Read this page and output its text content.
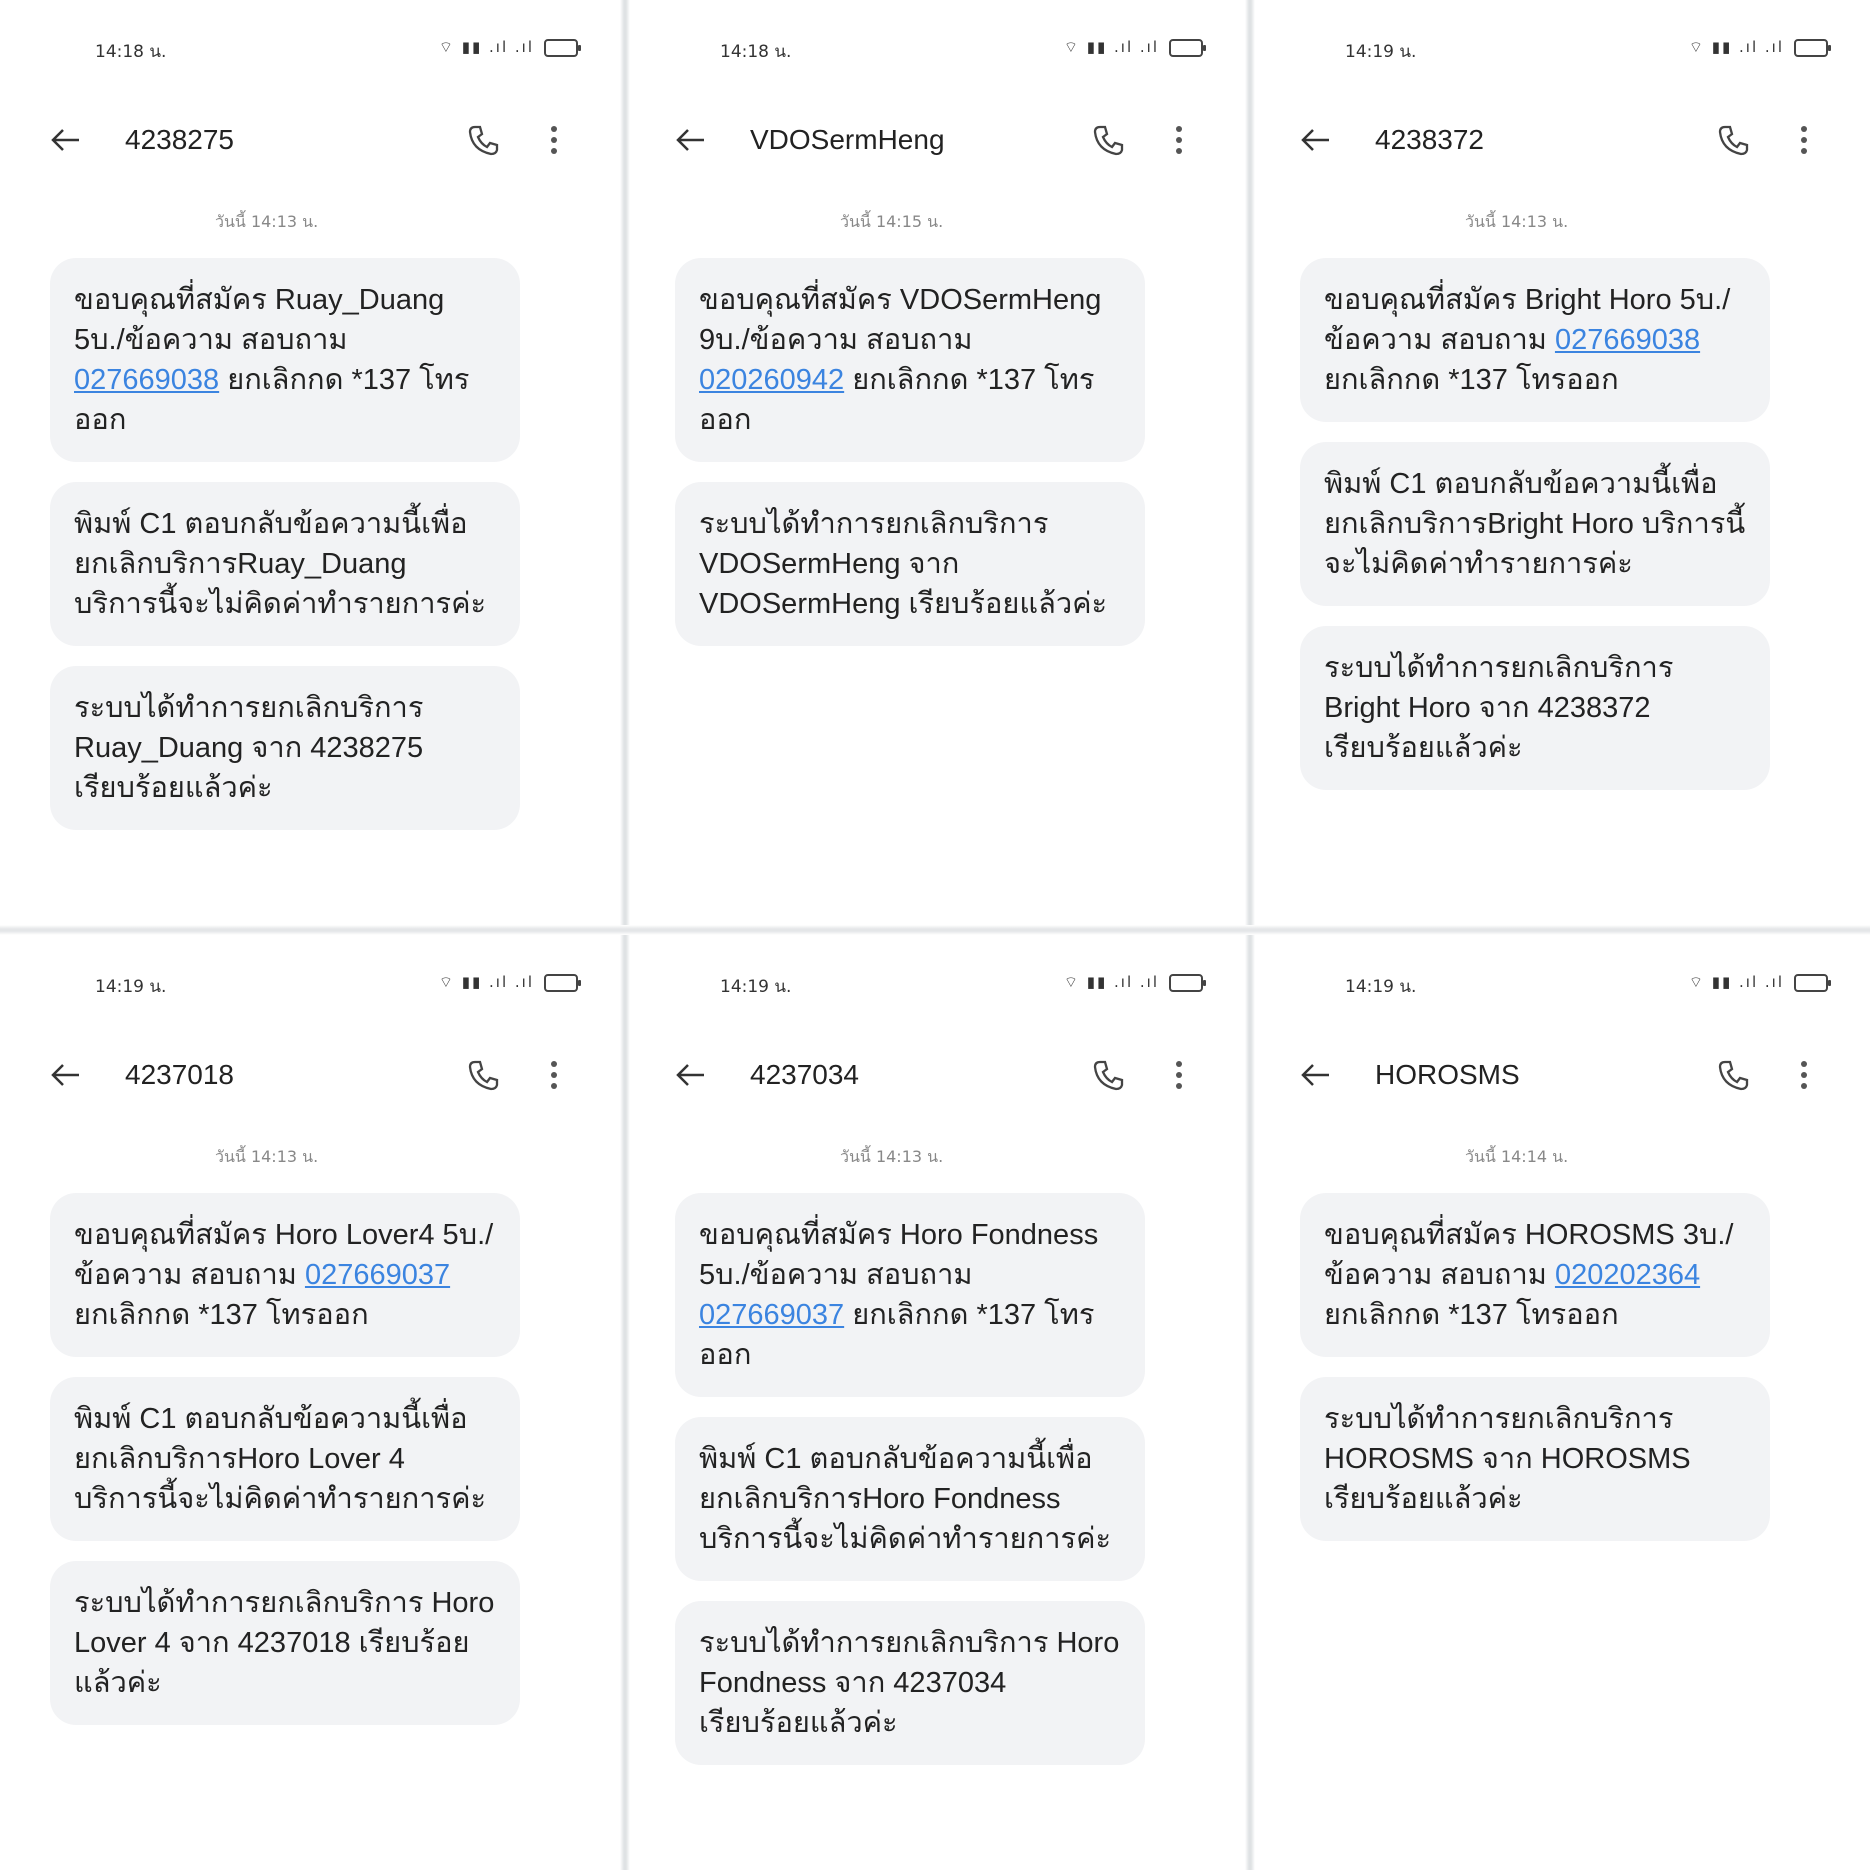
14:18 น.	⌔ ▮▮ .ıl .ıl
4238275
วันนี้ 14:13 น.
ขอบคุณที่สมัคร Ruay_Duang 5บ./ข้อความ สอบถาม 027669038 ยกเลิกกด *137 โทรออก
พิมพ์ C1 ตอบกลับข้อความนี้เพื่อยกเลิกบริการRuay_Duang บริการนี้จะไม่คิดค่าทำรายการค่ะ
ระบบได้ทำการยกเลิกบริการ Ruay_Duang จาก 4238275 เรียบร้อยแล้วค่ะ
14:18 น.	⌔ ▮▮ .ıl .ıl
VDOSermHeng
วันนี้ 14:15 น.
ขอบคุณที่สมัคร VDOSermHeng 9บ./ข้อความ สอบถาม 020260942 ยกเลิกกด *137 โทรออก
ระบบได้ทำการยกเลิกบริการ VDOSermHeng จาก VDOSermHeng เรียบร้อยแล้วค่ะ
14:19 น.	⌔ ▮▮ .ıl .ıl
4238372
วันนี้ 14:13 น.
ขอบคุณที่สมัคร Bright Horo 5บ./ข้อความ สอบถาม 027669038 ยกเลิกกด *137 โทรออก
พิมพ์ C1 ตอบกลับข้อความนี้เพื่อยกเลิกบริการBright Horo บริการนี้จะไม่คิดค่าทำรายการค่ะ
ระบบได้ทำการยกเลิกบริการ Bright Horo จาก 4238372 เรียบร้อยแล้วค่ะ
14:19 น.	⌔ ▮▮ .ıl .ıl
4237018
วันนี้ 14:13 น.
ขอบคุณที่สมัคร Horo Lover4 5บ./ข้อความ สอบถาม 027669037 ยกเลิกกด *137 โทรออก
พิมพ์ C1 ตอบกลับข้อความนี้เพื่อยกเลิกบริการHoro Lover 4 บริการนี้จะไม่คิดค่าทำรายการค่ะ
ระบบได้ทำการยกเลิกบริการ Horo Lover 4 จาก 4237018 เรียบร้อยแล้วค่ะ
14:19 น.	⌔ ▮▮ .ıl .ıl
4237034
วันนี้ 14:13 น.
ขอบคุณที่สมัคร Horo Fondness 5บ./ข้อความ สอบถาม 027669037 ยกเลิกกด *137 โทรออก
พิมพ์ C1 ตอบกลับข้อความนี้เพื่อยกเลิกบริการHoro Fondness บริการนี้จะไม่คิดค่าทำรายการค่ะ
ระบบได้ทำการยกเลิกบริการ Horo Fondness จาก 4237034 เรียบร้อยแล้วค่ะ
14:19 น.	⌔ ▮▮ .ıl .ıl
HOROSMS
วันนี้ 14:14 น.
ขอบคุณที่สมัคร HOROSMS 3บ./ข้อความ สอบถาม 020202364 ยกเลิกกด *137 โทรออก
ระบบได้ทำการยกเลิกบริการ HOROSMS จาก HOROSMS เรียบร้อยแล้วค่ะ
